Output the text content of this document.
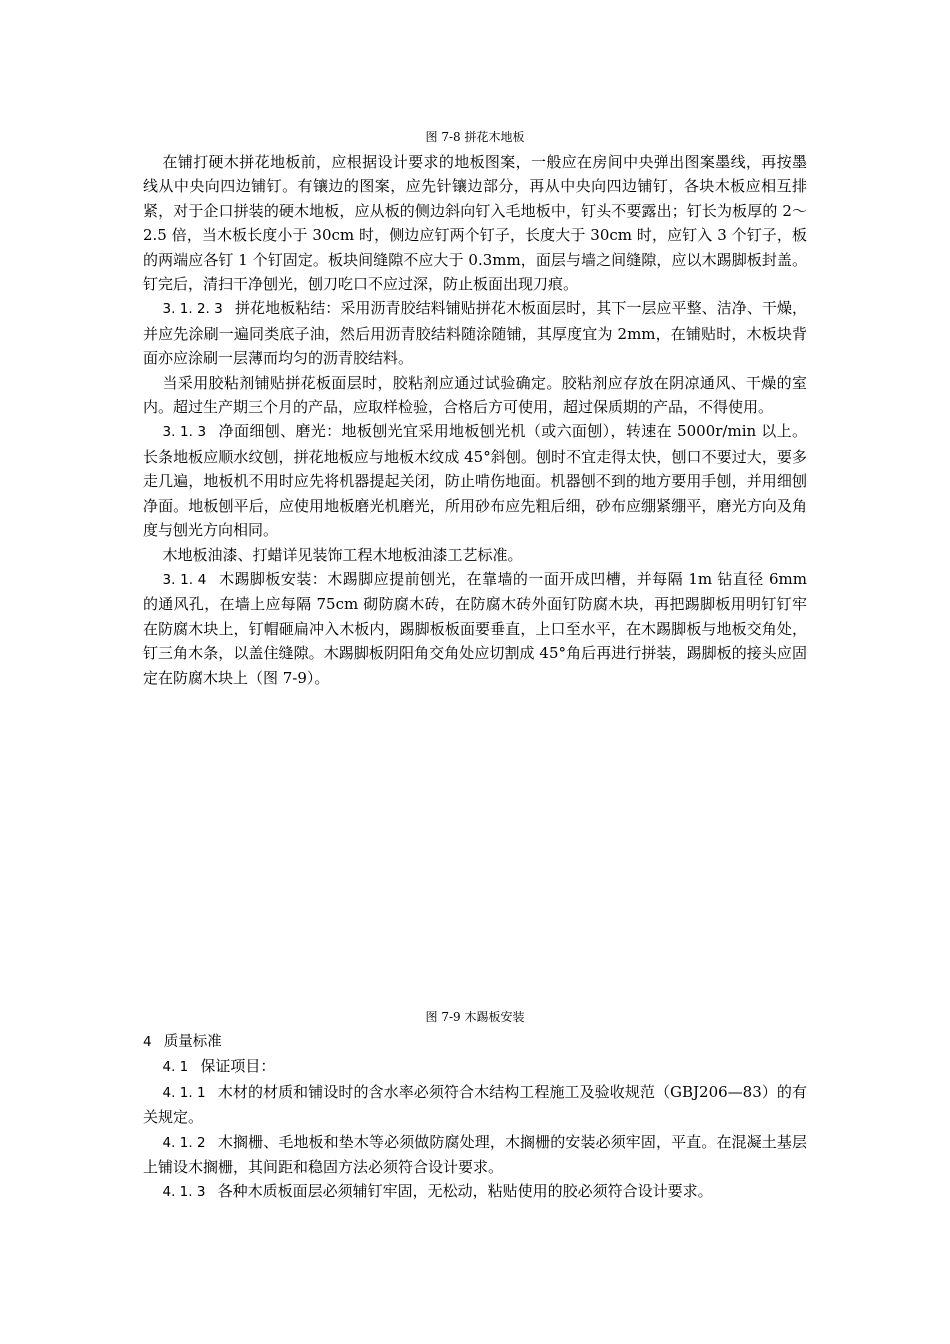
图 7-8 拼花木地板

在铺打硬木拼花地板前，应根据设计要求的地板图案，一般应在房间中央弹出图案墨线，再按墨线从中央向四边铺钉。有镶边的图案，应先针镶边部分，再从中央向四边铺钉，各块木板应相互排紧，对于企口拼装的硬木地板，应从板的侧边斜向钉入毛地板中，钉头不要露出；钉长为板厚的 2～2.5 倍，当木板长度小于 30cm 时，侧边应钉两个钉子，长度大于 30cm 时，应钉入 3 个钉子，板的两端应各钉 1 个钉固定。板块间缝隙不应大于 0.3mm，面层与墙之间缝隙，应以木踢脚板封盖。钉完后，清扫干净刨光，刨刀吃口不应过深，防止板面出现刀痕。

3. 1. 2. 3 拼花地板粘结：采用沥青胶结料铺贴拼花木板面层时，其下一层应平整、洁净、干燥，并应先涂刷一遍同类底子油，然后用沥青胶结料随涂随铺，其厚度宜为 2mm，在铺贴时，木板块背面亦应涂刷一层薄而均匀的沥青胶结料。

当采用胶粘剂铺贴拼花板面层时，胶粘剂应通过试验确定。胶粘剂应存放在阴凉通风、干燥的室内。超过生产期三个月的产品，应取样检验，合格后方可使用，超过保质期的产品，不得使用。

3. 1. 3 净面细刨、磨光：地板刨光宜采用地板刨光机（或六面刨），转速在 5000r/min 以上。长条地板应顺水纹刨，拼花地板应与地板木纹成 45°斜刨。刨时不宜走得太快，刨口不要过大，要多走几遍，地板机不用时应先将机器提起关闭，防止啃伤地面。机器刨不到的地方要用手刨，并用细刨净面。地板刨平后，应使用地板磨光机磨光，所用砂布应先粗后细，砂布应绷紧绷平，磨光方向及角度与刨光方向相同。

木地板油漆、打蜡详见装饰工程木地板油漆工艺标准。

3. 1. 4 木踢脚板安装：木踢脚应提前刨光，在靠墙的一面开成凹槽，并每隔 1m 钻直径 6mm 的通风孔，在墙上应每隔 75cm 砌防腐木砖，在防腐木砖外面钉防腐木块，再把踢脚板用明钉钉牢在防腐木块上，钉帽砸扁冲入木板内，踢脚板板面要垂直，上口至水平，在木踢脚板与地板交角处，钉三角木条，以盖住缝隙。木踢脚板阴阳角交角处应切割成 45°角后再进行拼装，踢脚板的接头应固定在防腐木块上（图 7-9）。

图 7-9 木踢板安装

4 质量标准

4. 1 保证项目：

4. 1. 1 木材的材质和铺设时的含水率必须符合木结构工程施工及验收规范（GBJ206—83）的有关规定。

4. 1. 2 木搁栅、毛地板和垫木等必须做防腐处理，木搁栅的安装必须牢固，平直。在混凝土基层上铺设木搁栅，其间距和稳固方法必须符合设计要求。

4. 1. 3 各种木质板面层必须辅钉牢固，无松动，粘贴使用的胶必须符合设计要求。
